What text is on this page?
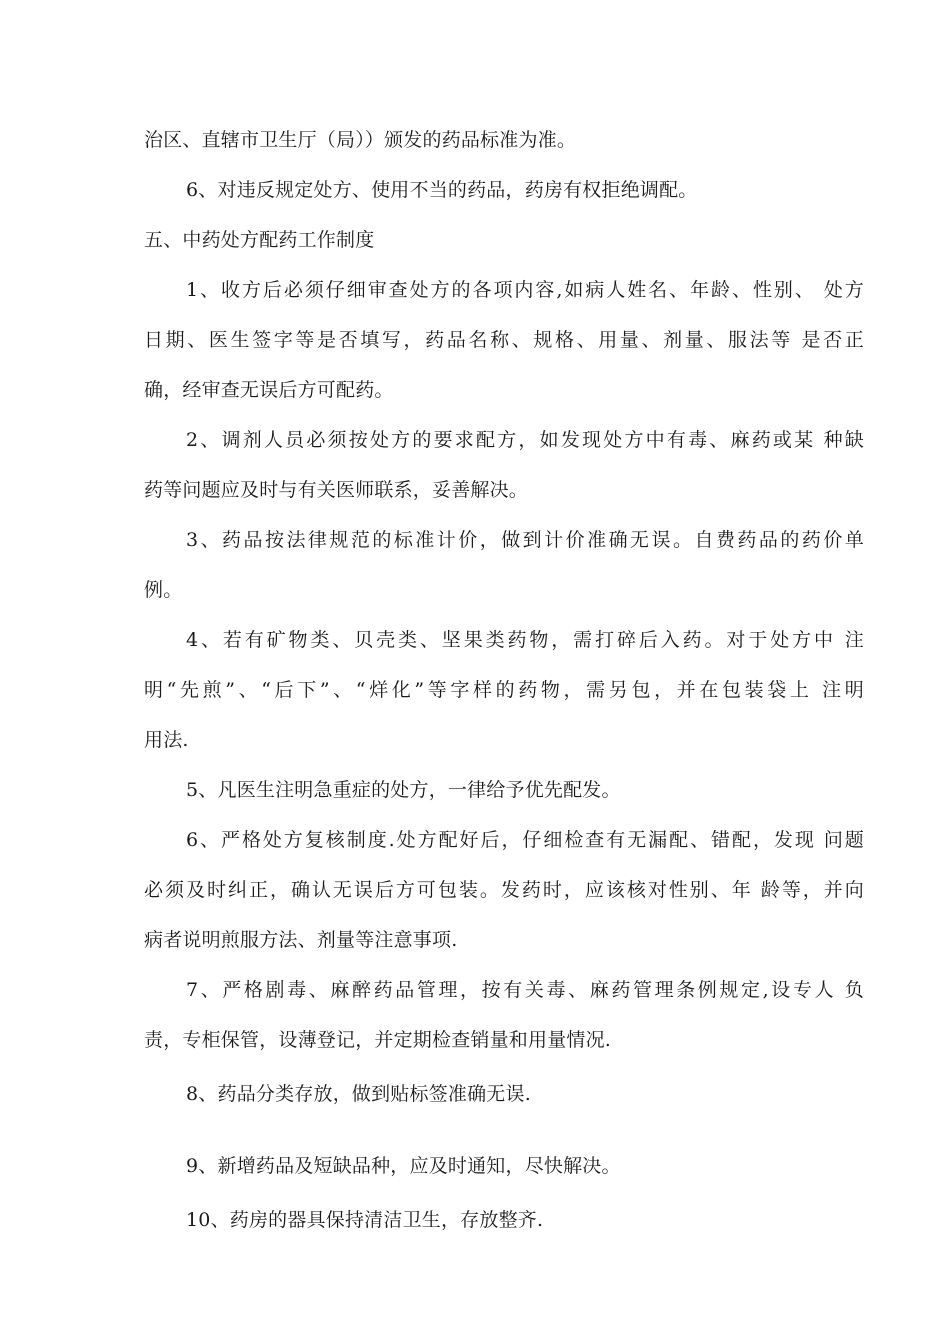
治区、直辖市卫生厅（局））颁发的药品标准为准。
6、对违反规定处方、使用不当的药品，药房有权拒绝调配。
五、中药处方配药工作制度
1、收方后必须仔细审查处方的各项内容,如病人姓名、年龄、性别、 处方
日期、医生签字等是否填写，药品名称、规格、用量、剂量、服法等 是否正
确，经审查无误后方可配药。
2、调剂人员必须按处方的要求配方，如发现处方中有毒、麻药或某 种缺
药等问题应及时与有关医师联系，妥善解决。
3、药品按法律规范的标准计价，做到计价准确无误。自费药品的药价单
例。
4、若有矿物类、贝壳类、坚果类药物，需打碎后入药。对于处方中 注
明“先煎”、“后下”、“烊化”等字样的药物，需另包，并在包装袋上 注明
用法.
5、凡医生注明急重症的处方，一律给予优先配发。
6、严格处方复核制度.处方配好后，仔细检查有无漏配、错配，发现 问题
必须及时纠正，确认无误后方可包装。发药时，应该核对性别、年 龄等，并向
病者说明煎服方法、剂量等注意事项.
7、严格剧毒、麻醉药品管理，按有关毒、麻药管理条例规定,设专人 负
责，专柜保管，设薄登记，并定期检查销量和用量情况.
8、药品分类存放，做到贴标签准确无误.
9、新增药品及短缺品种，应及时通知，尽快解决。
10、药房的器具保持清洁卫生，存放整齐.
